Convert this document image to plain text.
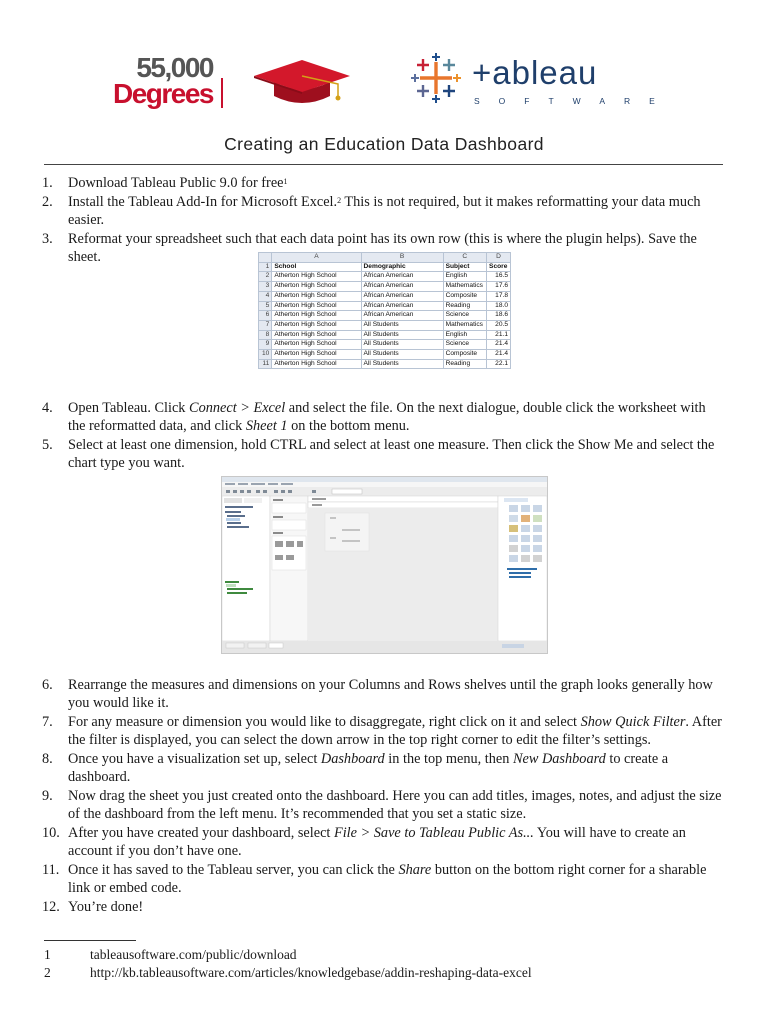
55,000
Degrees
+ableau
SOFTWARE
Creating an Education Data Dashboard
1.	Download Tableau Public 9.0 for free$^1$
2.	Install the Tableau Add-In for Microsoft Excel.$^2$ This is not required, but it makes reformatting your data much easier.
3.	Reformat your spreadsheet such that each data point has its own row (this is where the plugin helps). Save the sheet.
4.	Open Tableau. Click Connect > Excel and select the file. On the next dialogue, double click the worksheet with the reformatted data, and click Sheet 1 on the bottom menu.
5.	Select at least one dimension, hold CTRL and select at least one measure. Then click the Show Me and select the chart type you want.
6.	Rearrange the measures and dimensions on your Columns and Rows shelves until the graph looks generally how you would like it.
7.	For any measure or dimension you would like to disaggregate, right click on it and select Show Quick Filter. After the filter is displayed, you can select the down arrow in the top right corner to edit the filter’s settings.
8.	Once you have a visualization set up, select Dashboard in the top menu, then New Dashboard to create a dashboard.
9.	Now drag the sheet you just created onto the dashboard. Here you can add titles, images, notes, and adjust the size of the dashboard from the left menu. It’s recommended that you set a static size.
10. After you have created your dashboard, select File > Save to Tableau Public As... You will have to create an account if you don’t have one.
11. Once it has saved to the Tableau server, you can click the Share button on the bottom right corner for a sharable link or embed code.
12. You’re done!
	A	B	C	D
1	School	Demographic	Subject	Score
2	Atherton High School	African American	English	16.5
3	Atherton High School	African American	Mathematics	17.6
4	Atherton High School	African American	Composite	17.8
5	Atherton High School	African American	Reading	18.0
6	Atherton High School	African American	Science	18.6
7	Atherton High School	All Students	Mathematics	20.5
8	Atherton High School	All Students	English	21.1
9	Atherton High School	All Students	Science	21.4
10	Atherton High School	All Students	Composite	21.4
11	Atherton High School	All Students	Reading	22.1
1	tableausoftware.com/public/download
2	http://kb.tableausoftware.com/articles/knowledgebase/addin-reshaping-data-excel
